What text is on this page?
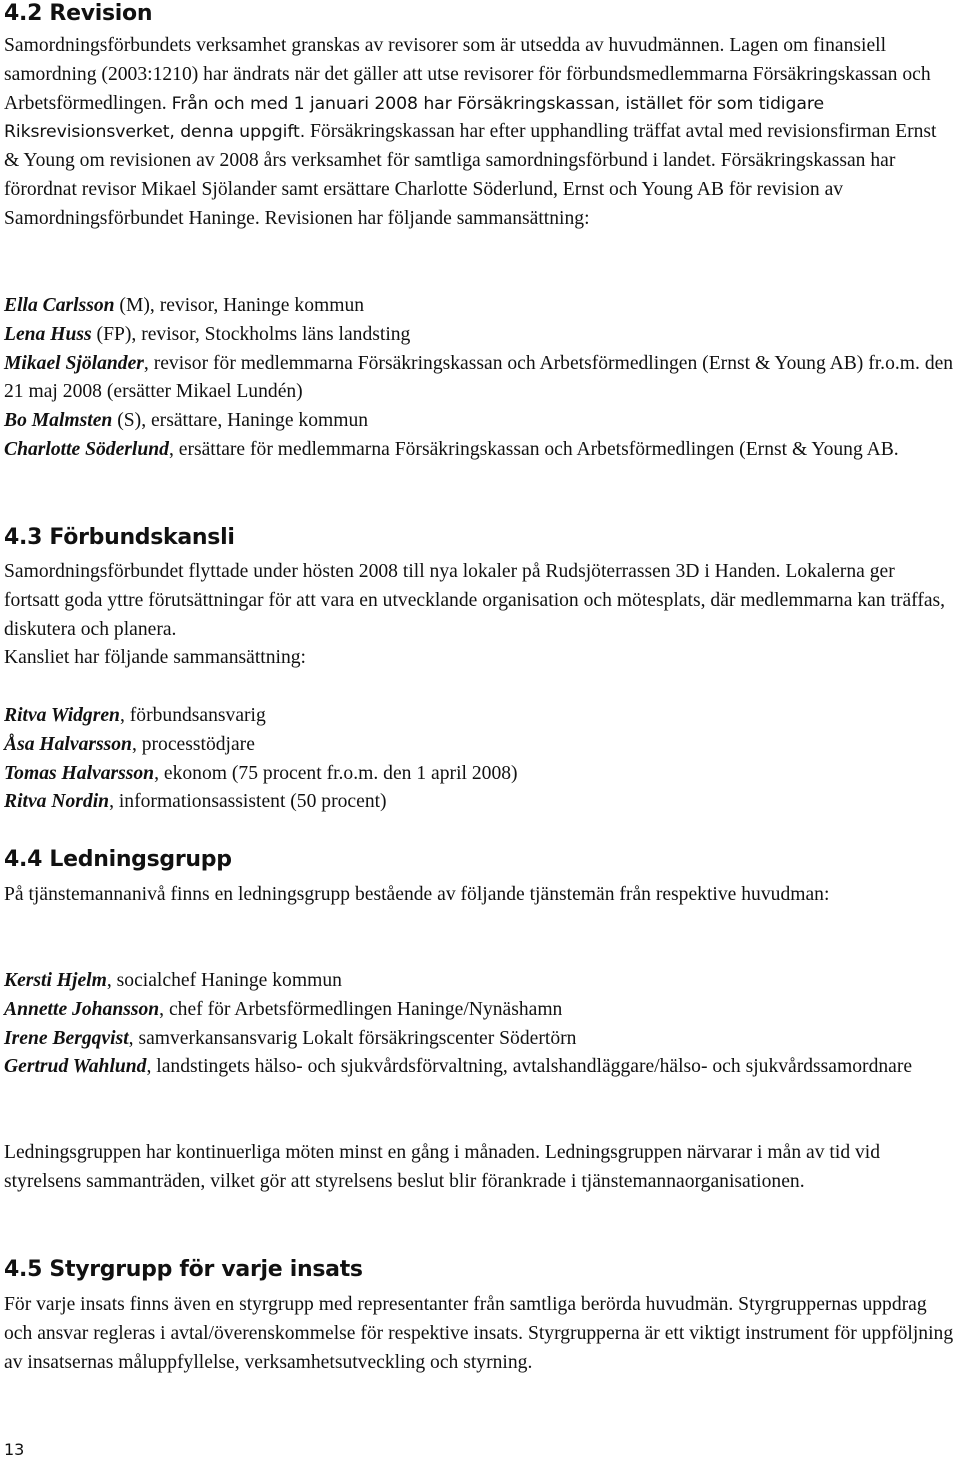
4.2 Revision

Samordningsförbundets verksamhet granskas av revisorer som är utsedda av huvudmännen. Lagen om finansiell samordning (2003:1210) har ändrats när det gäller att utse revisorer för förbundsmedlemmarna Försäkringskassan och Arbetsförmedlingen. Från och med 1 januari 2008 har Försäkringskassan, istället för som tidigare Riksrevisionsverket, denna uppgift. Försäkringskassan har efter upphandling träffat avtal med revisionsfirman Ernst & Young om revisionen av 2008 års verksamhet för samtliga samordningsförbund i landet. Försäkringskassan har förordnat revisor Mikael Sjölander samt ersättare Charlotte Söderlund, Ernst och Young AB för revision av Samordningsförbundet Haninge. Revisionen har följande sammansättning:

Ella Carlsson (M), revisor, Haninge kommun

Lena Huss (FP), revisor, Stockholms läns landsting

Mikael Sjölander, revisor för medlemmarna Försäkringskassan och Arbetsförmedlingen (Ernst & Young AB) fr.o.m. den 21 maj 2008 (ersätter Mikael Lundén)

Bo Malmsten (S), ersättare, Haninge kommun

Charlotte Söderlund, ersättare för medlemmarna Försäkringskassan och Arbetsförmedlingen (Ernst & Young AB.

4.3 Förbundskansli

Samordningsförbundet flyttade under hösten 2008 till nya lokaler på Rudsjöterrassen 3D i Handen. Lokalerna ger fortsatt goda yttre förutsättningar för att vara en utvecklande organisation och mötesplats, där medlemmarna kan träffas, diskutera och planera.

Kansliet har följande sammansättning:

Ritva Widgren, förbundsansvarig

Åsa Halvarsson, processtödjare

Tomas Halvarsson, ekonom (75 procent fr.o.m. den 1 april 2008)

Ritva Nordin, informationsassistent (50 procent)

4.4 Ledningsgrupp

På tjänstemannanivå finns en ledningsgrupp bestående av följande tjänstemän från respektive huvudman:

Kersti Hjelm, socialchef Haninge kommun

Annette Johansson, chef för Arbetsförmedlingen Haninge/Nynäshamn

Irene Bergqvist, samverkansansvarig Lokalt försäkringscenter Södertörn

Gertrud Wahlund, landstingets hälso- och sjukvårdsförvaltning, avtalshandläggare/hälso- och sjukvårdssamordnare

Ledningsgruppen har kontinuerliga möten minst en gång i månaden. Ledningsgruppen närvarar i mån av tid vid styrelsens sammanträden, vilket gör att styrelsens beslut blir förankrade i tjänstemannaorganisationen.

4.5 Styrgrupp för varje insats

För varje insats finns även en styrgrupp med representanter från samtliga berörda huvudmän. Styrgruppernas uppdrag och ansvar regleras i avtal/överenskommelse för respektive insats. Styrgrupperna är ett viktigt instrument för uppföljning av insatsernas måluppfyllelse, verksamhetsutveckling och styrning.

13
